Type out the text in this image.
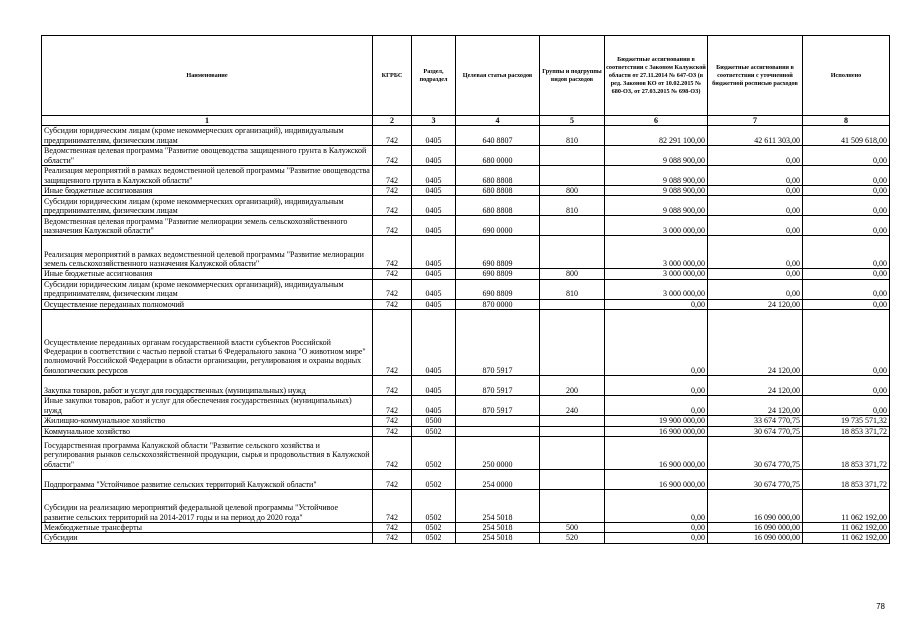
Наименование	КГРБС	Раздел, подраздел	Целевая статья расходов	Группы и подгруппы видов расходов	Бюджетные ассигнования в соответствии с Законом Калужской области от 27.11.2014 № 647-ОЗ (в ред. Законов КО от 10.02.2015 № 680-ОЗ, от 27.03.2015 № 698-ОЗ)	Бюджетные ассигнования в соответствии с уточненной бюджетной росписью расходов	Исполнено
1	2	3	4	5	6	7	8
Субсидии юридическим лицам (кроме некоммерческих организаций), индивидуальным предпринимателям, физическим лицам	742	0405	640 8807	810	82 291 100,00	42 611 303,00	41 509 618,00
Ведомственная целевая программа "Развитие овощеводства защищенного грунта в Калужской области"	742	0405	680 0000		9 088 900,00	0,00	0,00
Реализация мероприятий в рамках ведомственной целевой программы "Развитие овощеводства защищенного грунта в Калужской области"	742	0405	680 8808		9 088 900,00	0,00	0,00
Иные бюджетные ассигнования	742	0405	680 8808	800	9 088 900,00	0,00	0,00
Субсидии юридическим лицам (кроме некоммерческих организаций), индивидуальным предпринимателям, физическим лицам	742	0405	680 8808	810	9 088 900,00	0,00	0,00
Ведомственная целевая программа "Развитие мелиорации земель сельскохозяйственного назначения Калужской области"	742	0405	690 0000		3 000 000,00	0,00	0,00
Реализация мероприятий в рамках ведомственной целевой программы "Развитие мелиорации земель сельскохозяйственного назначения Калужской области"	742	0405	690 8809		3 000 000,00	0,00	0,00
Иные бюджетные ассигнования	742	0405	690 8809	800	3 000 000,00	0,00	0,00
Субсидии юридическим лицам (кроме некоммерческих организаций), индивидуальным предпринимателям, физическим лицам	742	0405	690 8809	810	3 000 000,00	0,00	0,00
Осуществление переданных полномочий	742	0405	870 0000		0,00	24 120,00	0,00
Осуществление переданных органам государственной власти субъектов Российской Федерации в соответствии с частью первой статьи 6 Федерального закона "О животном мире" полномочий Российской Федерации в области организации, регулирования и охраны водных биологических ресурсов	742	0405	870 5917		0,00	24 120,00	0,00
Закупка товаров, работ и услуг для государственных (муниципальных) нужд	742	0405	870 5917	200	0,00	24 120,00	0,00
Иные закупки товаров, работ и услуг для обеспечения государственных (муниципальных) нужд	742	0405	870 5917	240	0,00	24 120,00	0,00
Жилищно-коммунальное хозяйство	742	0500			19 900 000,00	33 674 770,75	19 735 571,32
Коммунальное хозяйство	742	0502			16 900 000,00	30 674 770,75	18 853 371,72
Государственная программа Калужской области "Развитие сельского хозяйства и регулирования рынков сельскохозяйственной продукции, сырья и продовольствия в Калужской области"	742	0502	250 0000		16 900 000,00	30 674 770,75	18 853 371,72
Подпрограмма "Устойчивое развитие сельских территорий Калужской области"	742	0502	254 0000		16 900 000,00	30 674 770,75	18 853 371,72
Субсидии на реализацию мероприятий федеральной целевой программы "Устойчивое развитие сельских территорий на 2014-2017 годы и на период до 2020 года"	742	0502	254 5018		0,00	16 090 000,00	11 062 192,00
Межбюджетные трансферты	742	0502	254 5018	500	0,00	16 090 000,00	11 062 192,00
Субсидии	742	0502	254 5018	520	0,00	16 090 000,00	11 062 192,00
78
